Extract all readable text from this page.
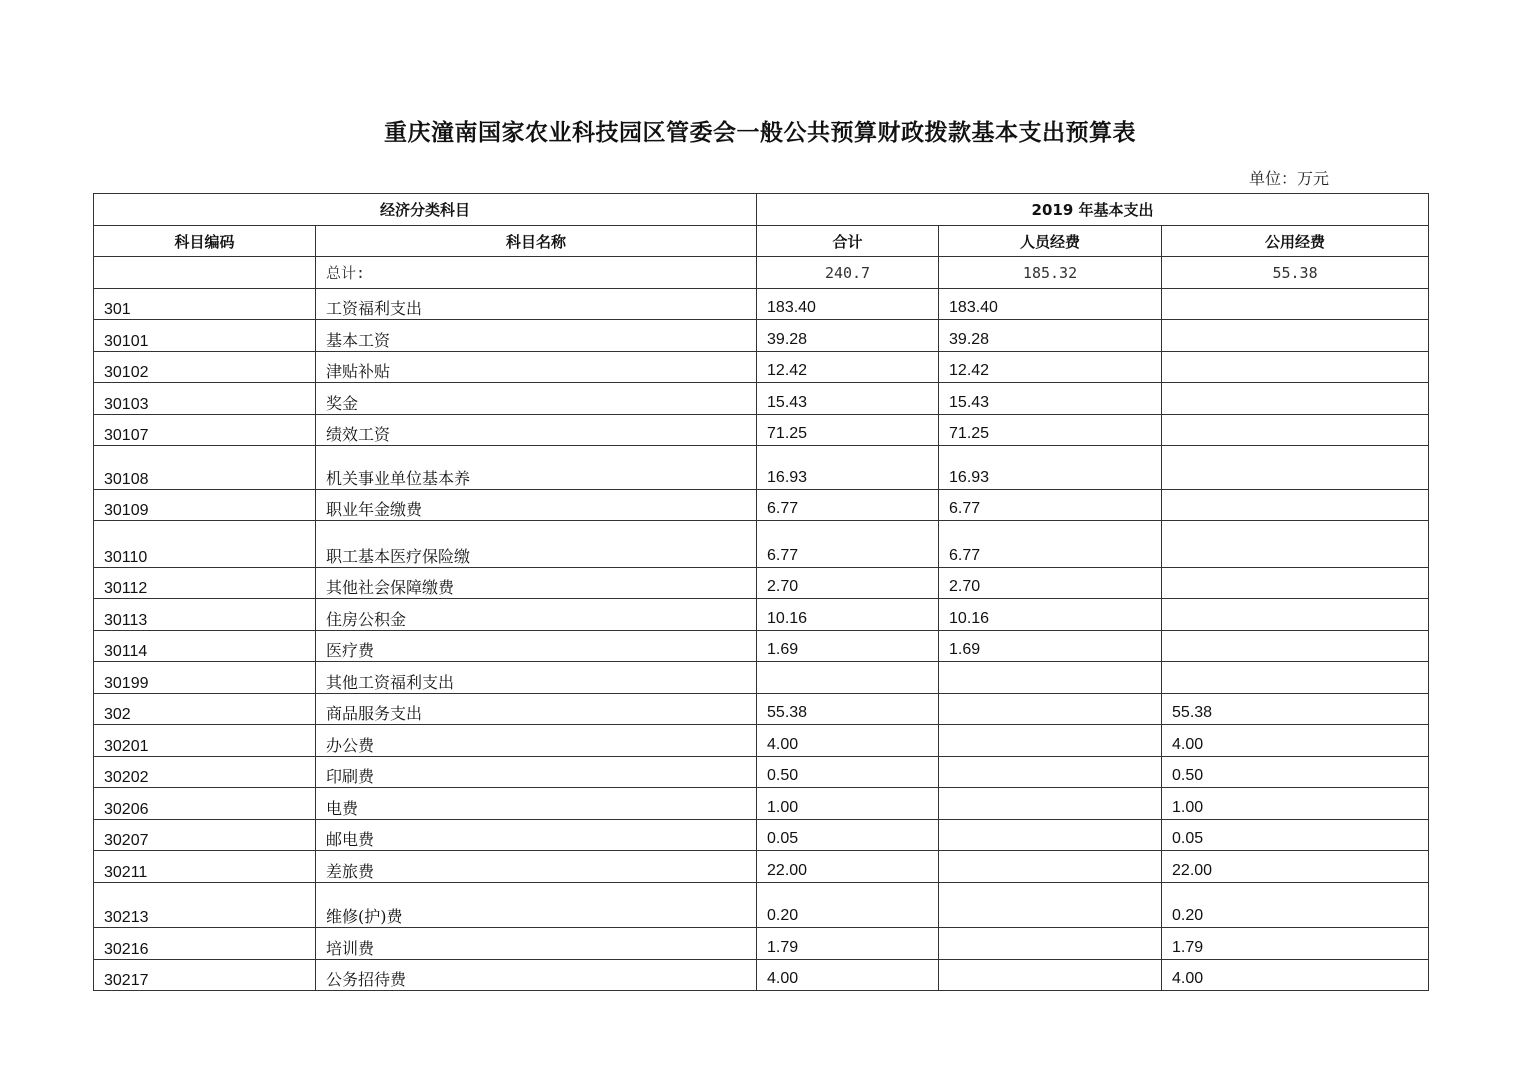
重庆潼南国家农业科技园区管委会一般公共预算财政拨款基本支出预算表
单位：万元
经济分类科目		2019 年基本支出		
科目编码	科目名称	合计	人员经费	公用经费
	总计:	240.7	185.32	55.38
301	工资福利支出	183.40	183.40	
30101	基本工资	39.28	39.28	
30102	津贴补贴	12.42	12.42	
30103	奖金	15.43	15.43	
30107	绩效工资	71.25	71.25	
30108	机关事业单位基本养	16.93	16.93	
30109	职业年金缴费	6.77	6.77	
30110	职工基本医疗保险缴	6.77	6.77	
30112	其他社会保障缴费	2.70	2.70	
30113	住房公积金	10.16	10.16	
30114	医疗费	1.69	1.69	
30199	其他工资福利支出			
302	商品服务支出	55.38		55.38
30201	办公费	4.00		4.00
30202	印刷费	0.50		0.50
30206	电费	1.00		1.00
30207	邮电费	0.05		0.05
30211	差旅费	22.00		22.00
30213	维修(护)费	0.20		0.20
30216	培训费	1.79		1.79
30217	公务招待费	4.00		4.00
